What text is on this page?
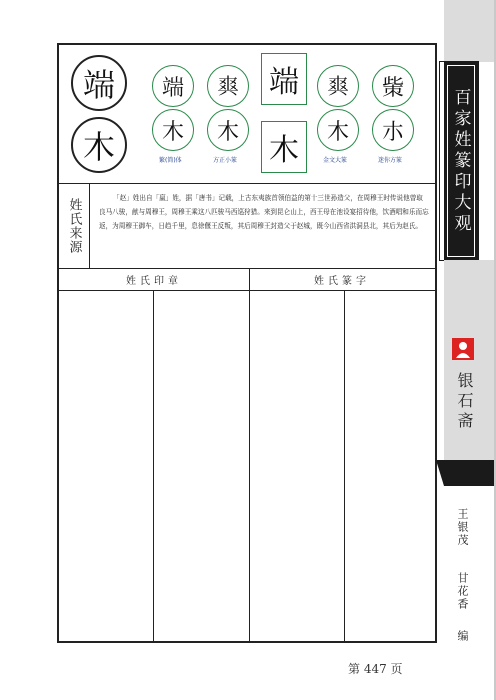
端
木
端
木
繁(简)体
𤕤
木
方正小篆
端
木
𤕤
木
金文大篆
㭰
朩
迷你方篆
姓氏来源	「赵」姓出自「嬴」姓，据「唐书」记载，上古东夷族首领伯益的第十三世孙造父，在周穆王时传说他曾取良马八骏，献与周穆王，周穆王乘这八匹骏马西巡狩猎。来到昆仑山上，西王母在池设宴招待他，饮酒唱和乐而忘返，为周穆王御车，日趋千里，息徐偃王反叛，其后周穆王封造父于赵城，既今山西省洪洞县北，其后为赵氏。
姓氏印章	姓氏篆字
百家姓篆印大观
银石斋
王银茂
甘花香
编
第 447 页
